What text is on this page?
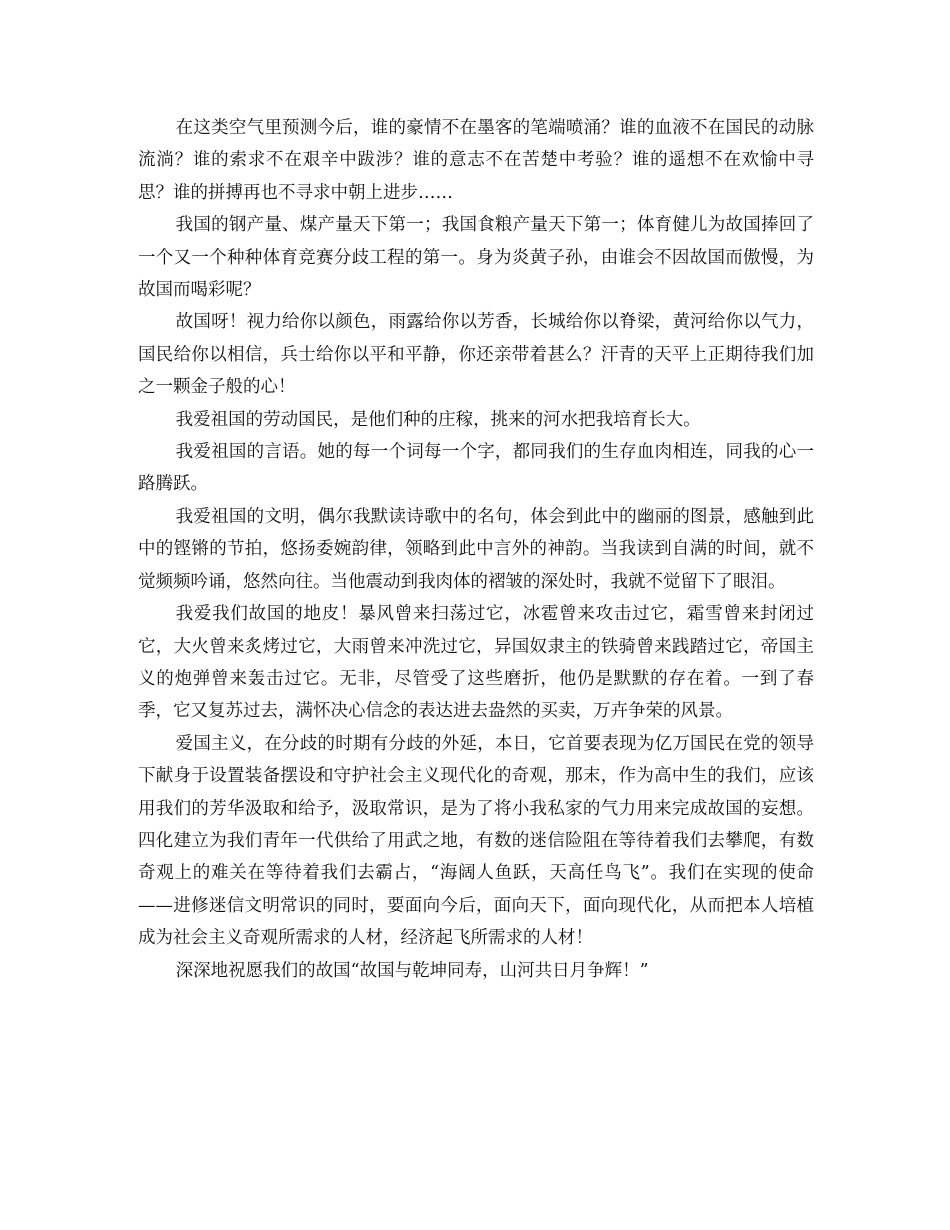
在这类空气里预测今后，谁的豪情不在墨客的笔端喷涌？谁的血液不在国民的动脉流淌？谁的索求不在艰辛中跋涉？谁的意志不在苦楚中考验？谁的遥想不在欢愉中寻思？谁的拼搏再也不寻求中朝上进步……

我国的钢产量、煤产量天下第一；我国食粮产量天下第一；体育健儿为故国捧回了一个又一个种种体育竞赛分歧工程的第一。身为炎黄子孙，由谁会不因故国而傲慢，为故国而喝彩呢？

故国呀！视力给你以颜色，雨露给你以芳香，长城给你以脊梁，黄河给你以气力，国民给你以相信，兵士给你以平和平静，你还亲带着甚么？汗青的天平上正期待我们加之一颗金子般的心！

我爱祖国的劳动国民，是他们种的庄稼，挑来的河水把我培育长大。

我爱祖国的言语。她的每一个词每一个字，都同我们的生存血肉相连，同我的心一路腾跃。

我爱祖国的文明，偶尔我默读诗歌中的名句，体会到此中的幽丽的图景，感触到此中的铿锵的节拍，悠扬委婉韵律，领略到此中言外的神韵。当我读到自满的时间，就不觉频频吟诵，悠然向往。当他震动到我肉体的褶皱的深处时，我就不觉留下了眼泪。

我爱我们故国的地皮！暴风曾来扫荡过它，冰雹曾来攻击过它，霜雪曾来封闭过它，大火曾来炙烤过它，大雨曾来冲洗过它，异国奴隶主的铁骑曾来践踏过它，帝国主义的炮弹曾来轰击过它。无非，尽管受了这些磨折，他仍是默默的存在着。一到了春季，它又复苏过去，满怀决心信念的表达进去盎然的买卖，万卉争荣的风景。

爱国主义，在分歧的时期有分歧的外延，本日，它首要表现为亿万国民在党的领导下献身于设置装备摆设和守护社会主义现代化的奇观，那末，作为高中生的我们，应该用我们的芳华汲取和给予，汲取常识，是为了将小我私家的气力用来完成故国的妄想。四化建立为我们青年一代供给了用武之地，有数的迷信险阻在等待着我们去攀爬，有数奇观上的难关在等待着我们去霸占，“海阔人鱼跃，天高任鸟飞”。我们在实现的使命——进修迷信文明常识的同时，要面向今后，面向天下，面向现代化，从而把本人培植成为社会主义奇观所需求的人材，经济起飞所需求的人材！

深深地祝愿我们的故国“故国与乾坤同寿，山河共日月争辉！”
